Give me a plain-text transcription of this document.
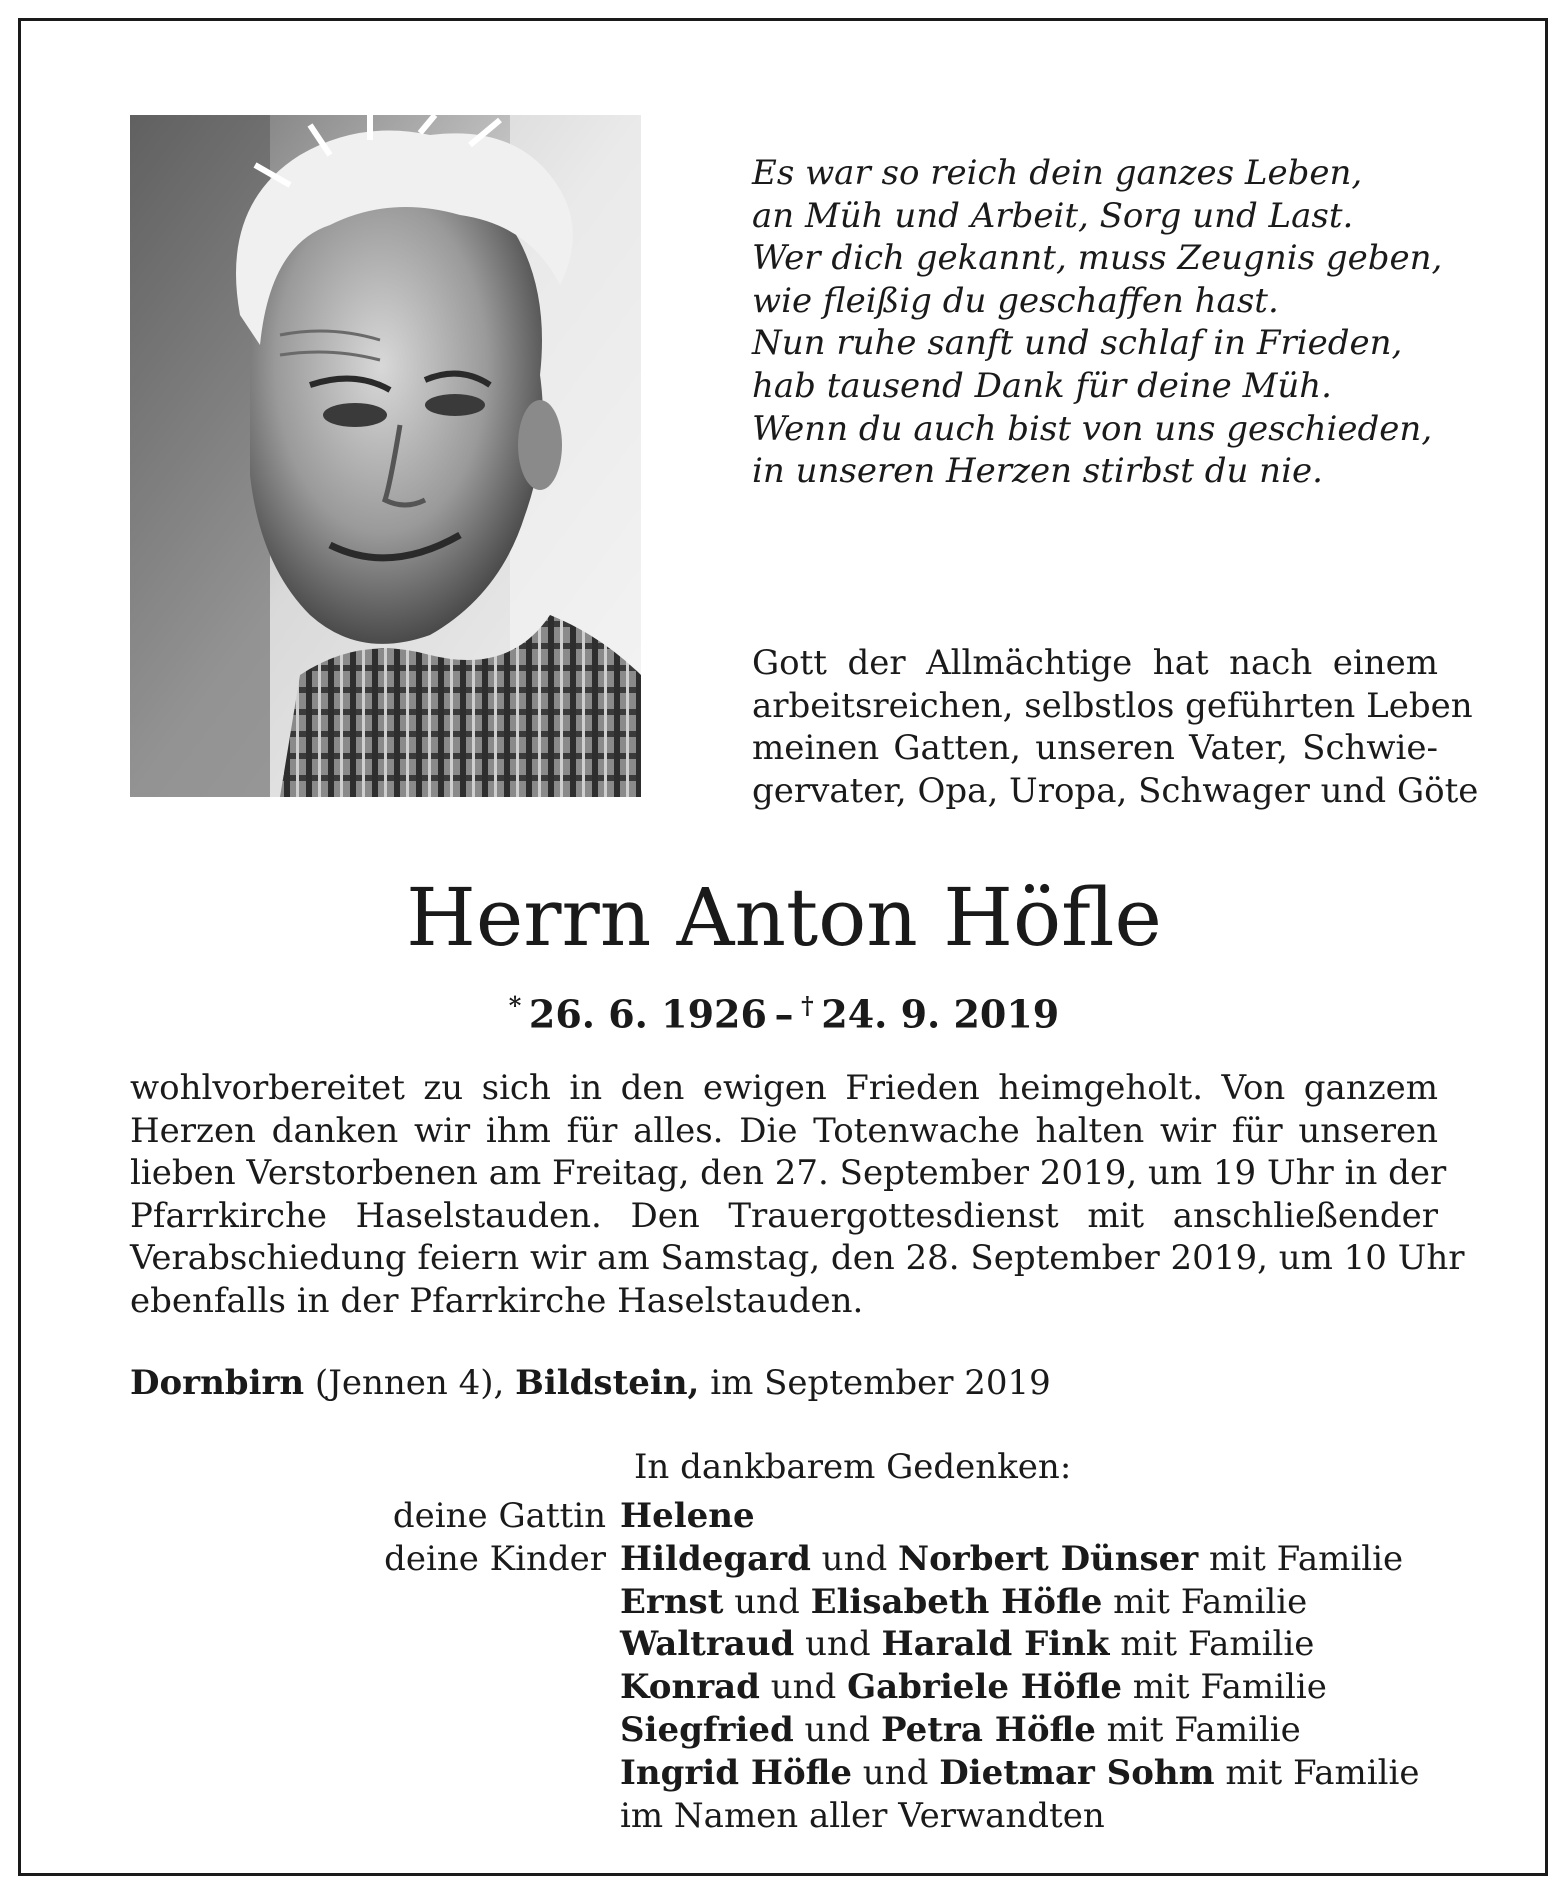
Es war so reich dein ganzes Leben,
an Müh und Arbeit, Sorg und Last.
Wer dich gekannt, muss Zeugnis geben,
wie fleißig du geschaffen hast.
Nun ruhe sanft und schlaf in Frieden,
hab tausend Dank für deine Müh.
Wenn du auch bist von uns geschieden,
in unseren Herzen stirbst du nie.
Gott der Allmächtige hat nach einem
arbeitsreichen, selbstlos geführten Leben
meinen Gatten, unseren Vater, Schwie-
gervater, Opa, Uropa, Schwager und Göte
Herrn Anton Höfle
*  26. 6. 1926  –  †  24. 9. 2019
wohlvorbereitet zu sich in den ewigen Frieden heimgeholt. Von ganzem
Herzen danken wir ihm für alles. Die Totenwache halten wir für unseren
lieben Verstorbenen am Freitag, den 27. September 2019, um 19 Uhr in der
Pfarrkirche Haselstauden. Den Trauergottesdienst mit anschließender
Verabschiedung feiern wir am Samstag, den 28. September 2019, um 10 Uhr
ebenfalls in der Pfarrkirche Haselstauden.
Dornbirn (Jennen 4), Bildstein, im September 2019
In dankbarem Gedenken:
deine Gattin Helene
deine Kinder Hildegard und Norbert Dünser mit Familie
Ernst und Elisabeth Höfle mit Familie
Waltraud und Harald Fink mit Familie
Konrad und Gabriele Höfle mit Familie
Siegfried und Petra Höfle mit Familie
Ingrid Höfle und Dietmar Sohm mit Familie
im Namen aller Verwandten
